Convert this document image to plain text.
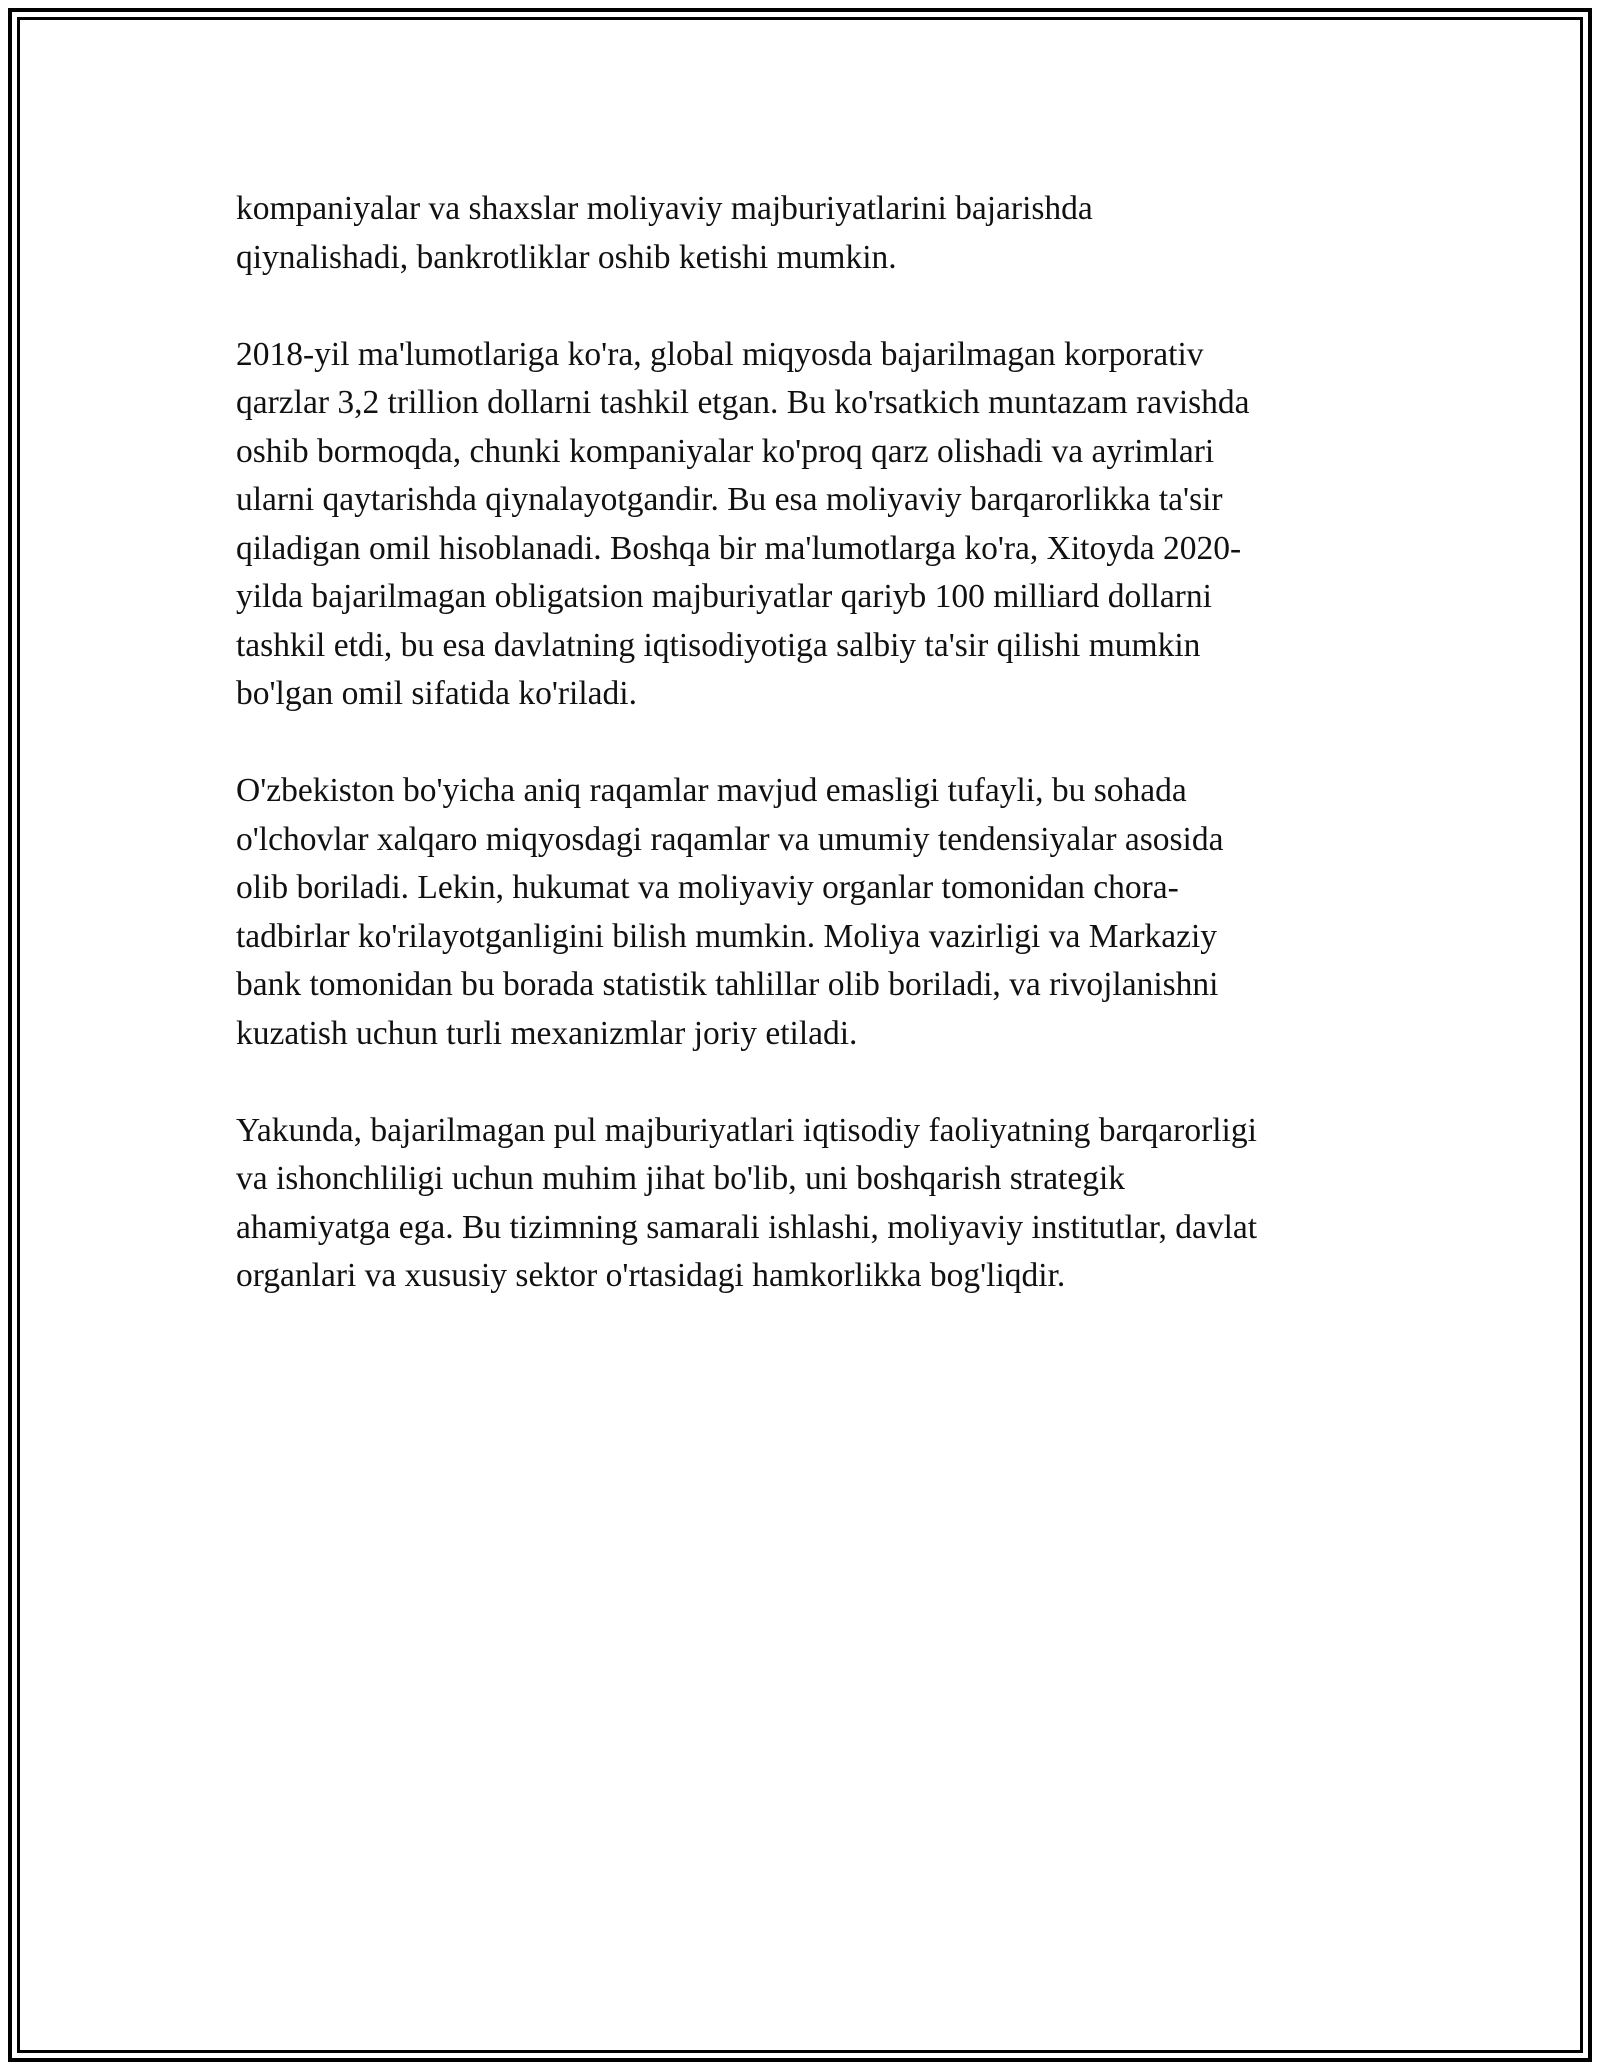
kompaniyalar va shaxslar moliyaviy majburiyatlarini bajarishda
qiynalishadi, bankrotliklar oshib ketishi mumkin.

2018-yil ma'lumotlariga ko'ra, global miqyosda bajarilmagan korporativ
qarzlar 3,2 trillion dollarni tashkil etgan. Bu ko'rsatkich muntazam ravishda
oshib bormoqda, chunki kompaniyalar ko'proq qarz olishadi va ayrimlari
ularni qaytarishda qiynalayotgandir. Bu esa moliyaviy barqarorlikka ta'sir
qiladigan omil hisoblanadi. Boshqa bir ma'lumotlarga ko'ra, Xitoyda 2020-
yilda bajarilmagan obligatsion majburiyatlar qariyb 100 milliard dollarni
tashkil etdi, bu esa davlatning iqtisodiyotiga salbiy ta'sir qilishi mumkin
bo'lgan omil sifatida ko'riladi.

O'zbekiston bo'yicha aniq raqamlar mavjud emasligi tufayli, bu sohada
o'lchovlar xalqaro miqyosdagi raqamlar va umumiy tendensiyalar asosida
olib boriladi. Lekin, hukumat va moliyaviy organlar tomonidan chora-
tadbirlar ko'rilayotganligini bilish mumkin. Moliya vazirligi va Markaziy
bank tomonidan bu borada statistik tahlillar olib boriladi, va rivojlanishni
kuzatish uchun turli mexanizmlar joriy etiladi.

Yakunda, bajarilmagan pul majburiyatlari iqtisodiy faoliyatning barqarorligi
va ishonchliligi uchun muhim jihat bo'lib, uni boshqarish strategik
ahamiyatga ega. Bu tizimning samarali ishlashi, moliyaviy institutlar, davlat
organlari va xususiy sektor o'rtasidagi hamkorlikka bog'liqdir.
